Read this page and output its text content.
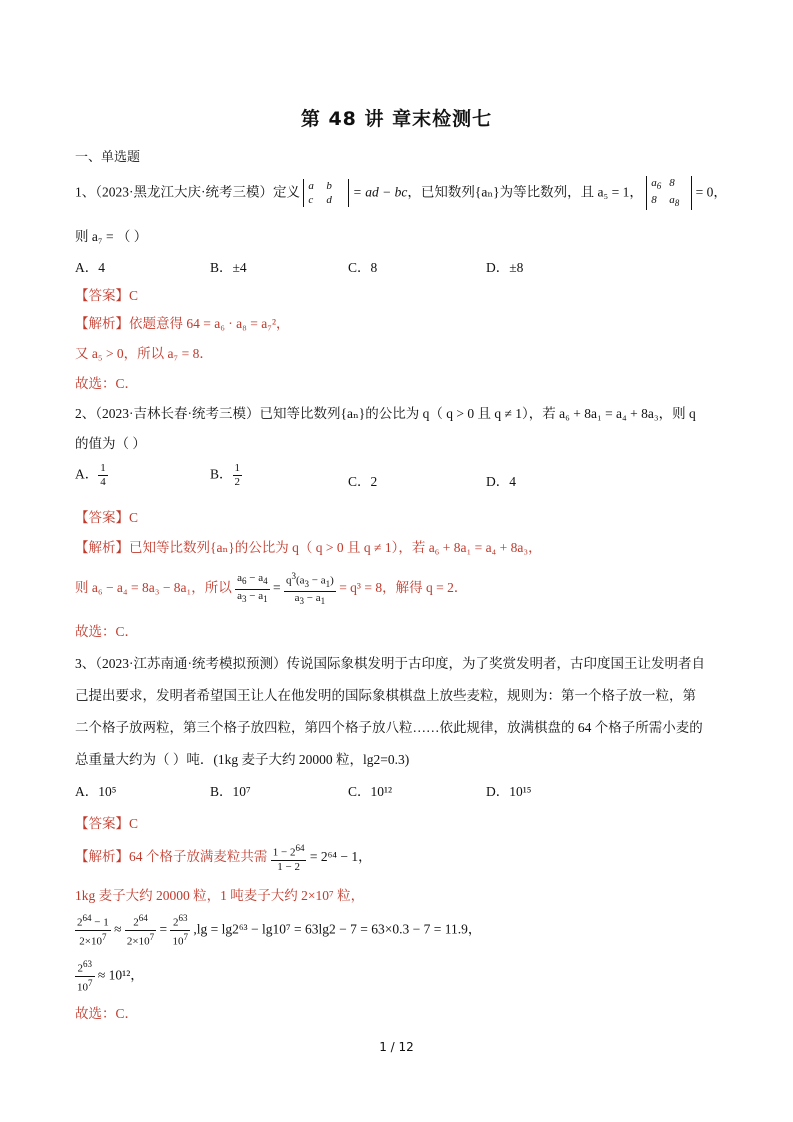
第 48 讲 章末检测七
一、单选题
1、（2023·黑龙江大庆·统考三模）定义 a b
c d = ad − bc，已知数列{aₙ}为等比数列，且 a₅ = 1， $a_6$ 8
8 $a_8 = 0$，
则 a₇ = （ ）
A．4	B．±4	C．8	D．±8
【答案】C
【解析】依题意得 64 = a₆ · a₈ = a₇²，
又 a₅ > 0，所以 a₇ = 8．
故选：C．
2、（2023·吉林长春·统考三模）已知等比数列{aₙ}的公比为 q（ q > 0 且 q ≠ 1），若 a₆ + 8a₁ = a₄ + 8a₃，则 q
的值为（ ）
A． $\frac{1}{4}$	B． $\frac{1}{2}$	C．2	D．4
【答案】C
【解析】已知等比数列{aₙ}的公比为 q（ q > 0 且 q ≠ 1），若 a₆ + 8a₁ = a₄ + 8a₃，
则 a₆ − a₄ = 8a₃ − 8a₁，所以 $\frac{a_6 - a_4}{a_3 - a_1} = \frac{q^3(a_3 - a_1)}{a_3 - a_1} = q^3 = 8$，解得 q = 2．
故选：C．
3、（2023·江苏南通·统考模拟预测）传说国际象棋发明于古印度，为了奖赏发明者，古印度国王让发明者自
己提出要求，发明者希望国王让人在他发明的国际象棋棋盘上放些麦粒，规则为：第一个格子放一粒，第
二个格子放两粒，第三个格子放四粒，第四个格子放八粒……依此规律，放满棋盘的 64 个格子所需小麦的
总重量大约为（ ）吨．(1kg 麦子大约 20000 粒，lg2=0.3)
A．10⁵	B．10⁷	C．10¹²	D．10¹⁵
【答案】C
【解析】64 个格子放满麦粒共需 $\frac{1 - 2^{64}}{1 - 2} = 2^{64} - 1$，
1kg 麦子大约 20000 粒，1 吨麦子大约 2×10⁷ 粒，
$\frac{2^{64} - 1}{2\times 10^7} \approx \frac{2^{64}}{2\times 10^7} = \frac{2^{63}}{10^7} ,\lg = \lg 2^{63} - \lg 10^7 = 63\lg 2 - 7 = 63\times 0.3 - 7 = 11.9$，
$\frac{2^{63}}{10^7} \approx 10^{12}$，
故选：C．
1 / 12
